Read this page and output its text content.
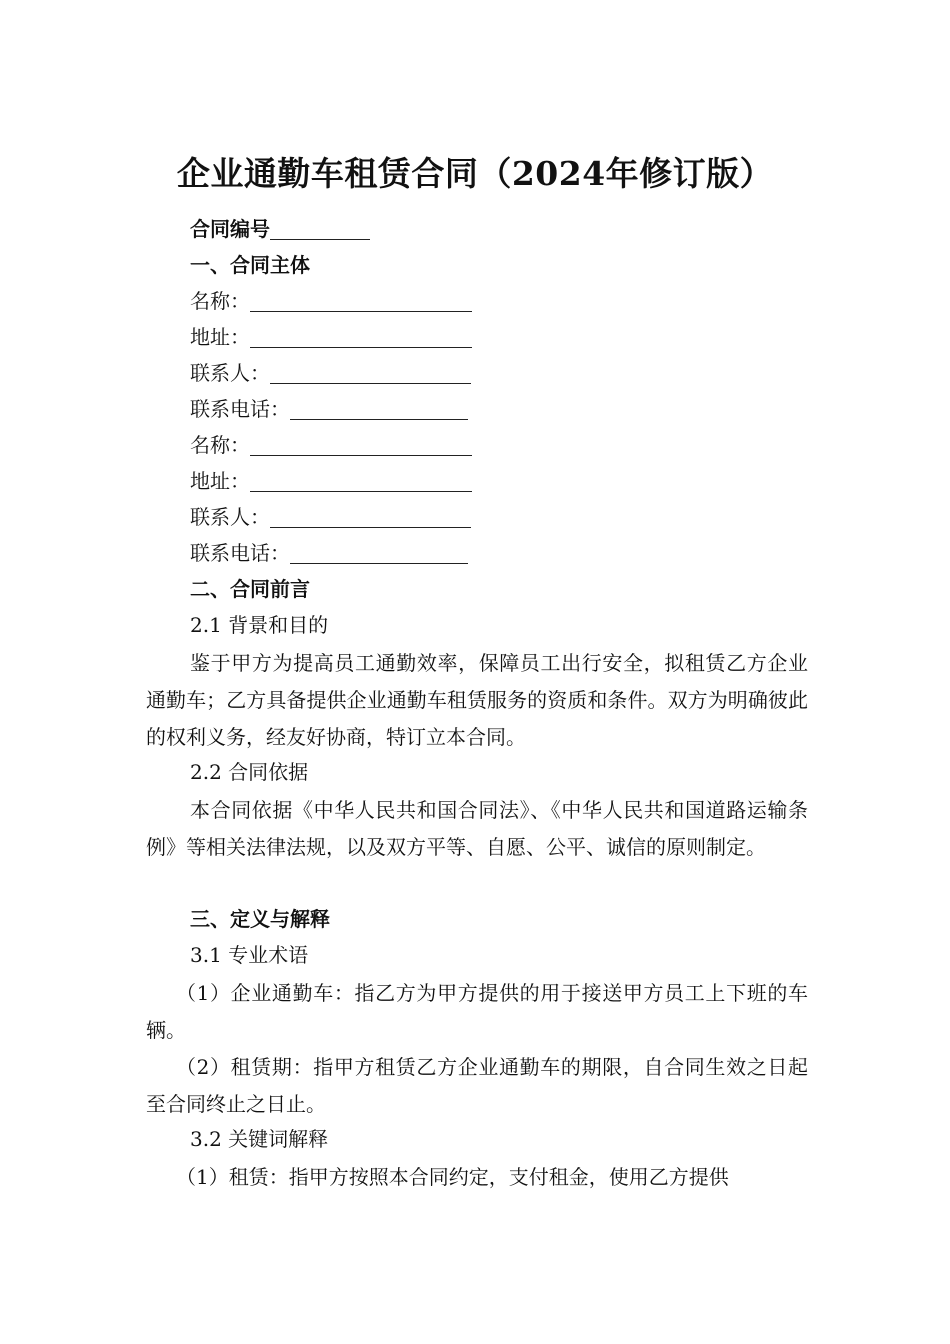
企业通勤车租赁合同（2024年修订版）
合同编号
一、合同主体
名称：
地址：
联系人：
联系电话：
名称：
地址：
联系人：
联系电话：
二、合同前言
2.1 背景和目的
鉴于甲方为提高员工通勤效率，保障员工出行安全，拟租赁乙方企业通勤车；乙方具备提供企业通勤车租赁服务的资质和条件。双方为明确彼此的权利义务，经友好协商，特订立本合同。
2.2 合同依据
本合同依据《中华人民共和国合同法》、《中华人民共和国道路运输条例》等相关法律法规，以及双方平等、自愿、公平、诚信的原则制定。
三、定义与解释
3.1 专业术语
（1）企业通勤车：指乙方为甲方提供的用于接送甲方员工上下班的车辆。
（2）租赁期：指甲方租赁乙方企业通勤车的期限，自合同生效之日起至合同终止之日止。
3.2 关键词解释
（1）租赁：指甲方按照本合同约定，支付租金，使用乙方提供
